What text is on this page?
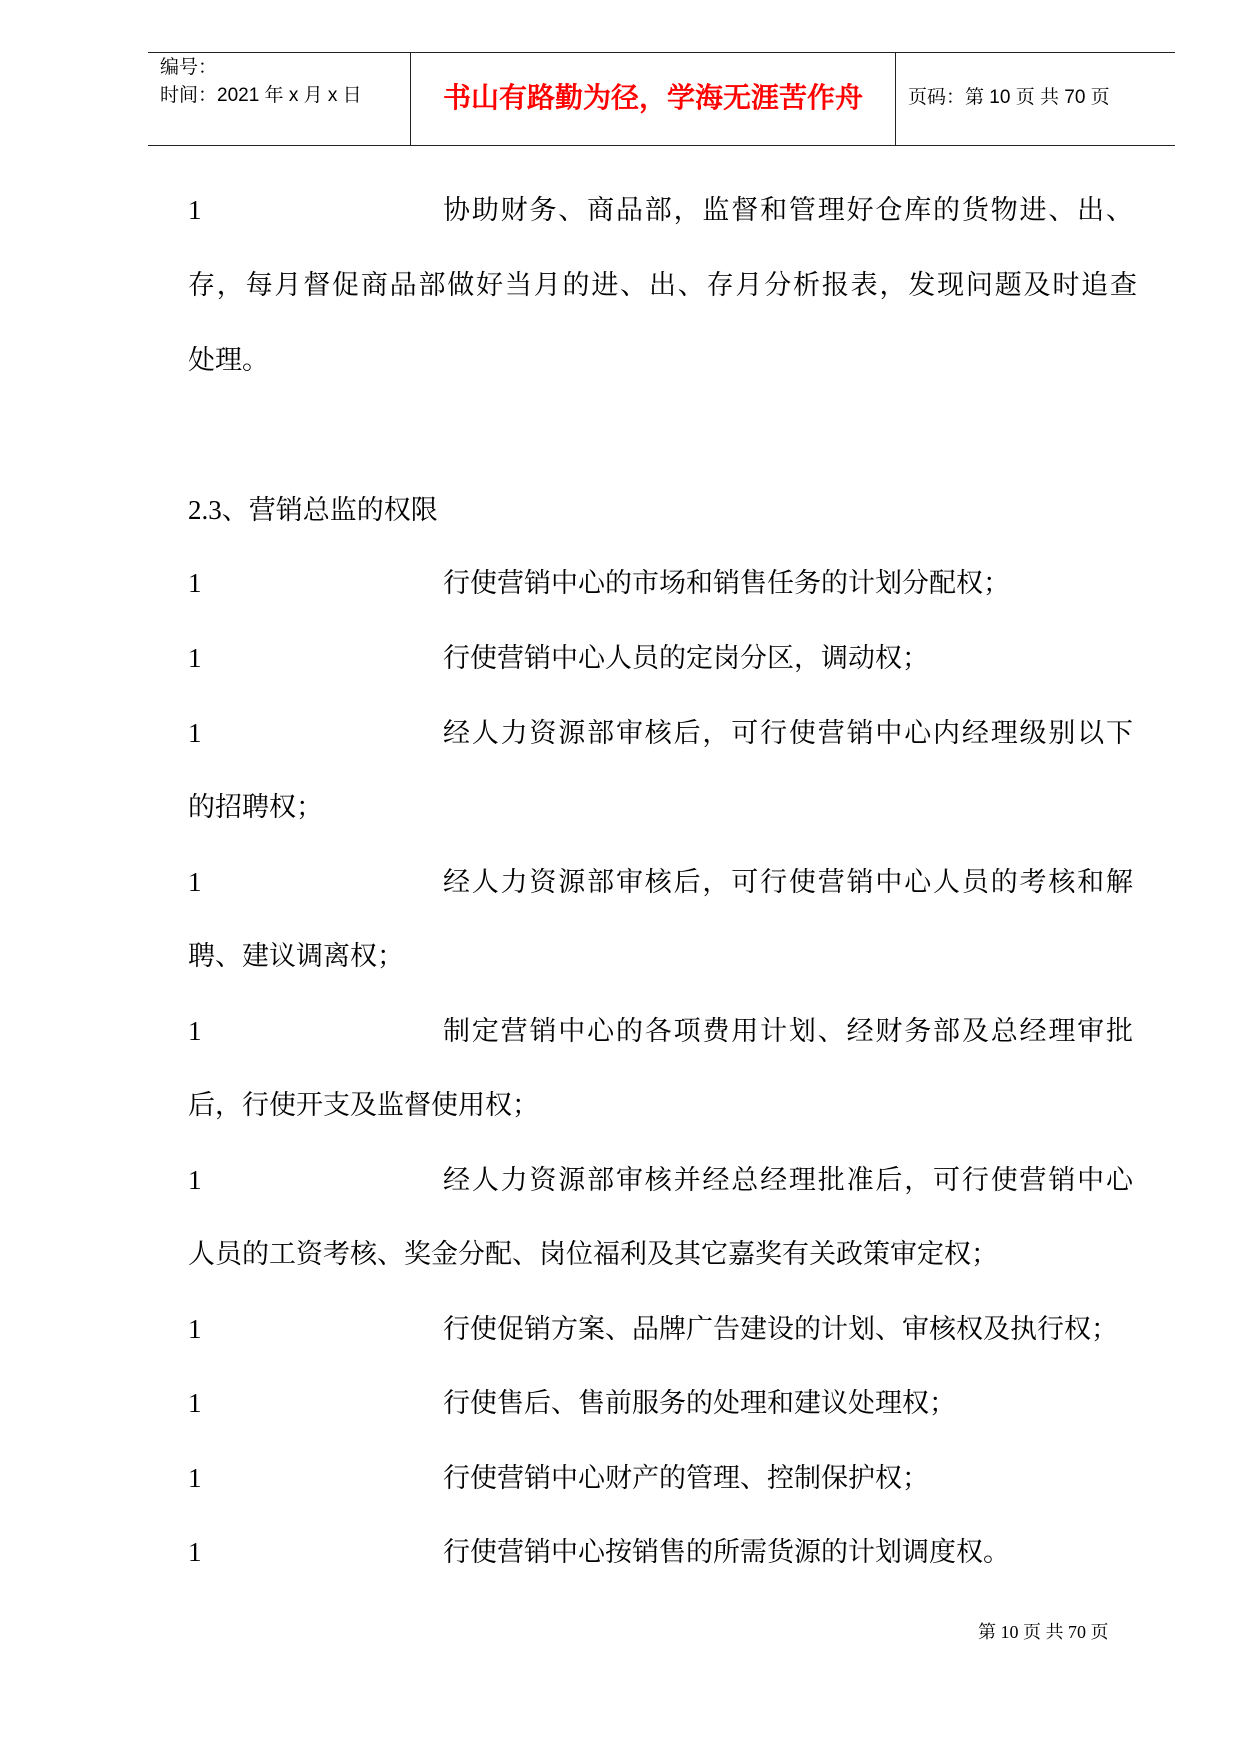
编号：
时间：2021 年 x 月 x 日	书山有路勤为径，学海无涯苦作舟	页码：第 10 页 共 70 页
1	协助财务、商品部，监督和管理好仓库的货物进、出、
存，每月督促商品部做好当月的进、出、存月分析报表，发现问题及时追查
处理。
2.3、营销总监的权限
1	行使营销中心的市场和销售任务的计划分配权；
1	行使营销中心人员的定岗分区，调动权；
1	经人力资源部审核后，可行使营销中心内经理级别以下
的招聘权；
1	经人力资源部审核后，可行使营销中心人员的考核和解
聘、建议调离权；
1	制定营销中心的各项费用计划、经财务部及总经理审批
后，行使开支及监督使用权；
1	经人力资源部审核并经总经理批准后，可行使营销中心
人员的工资考核、奖金分配、岗位福利及其它嘉奖有关政策审定权；
1	行使促销方案、品牌广告建设的计划、审核权及执行权；
1	行使售后、售前服务的处理和建议处理权；
1	行使营销中心财产的管理、控制保护权；
1	行使营销中心按销售的所需货源的计划调度权。
第 10 页 共 70 页
